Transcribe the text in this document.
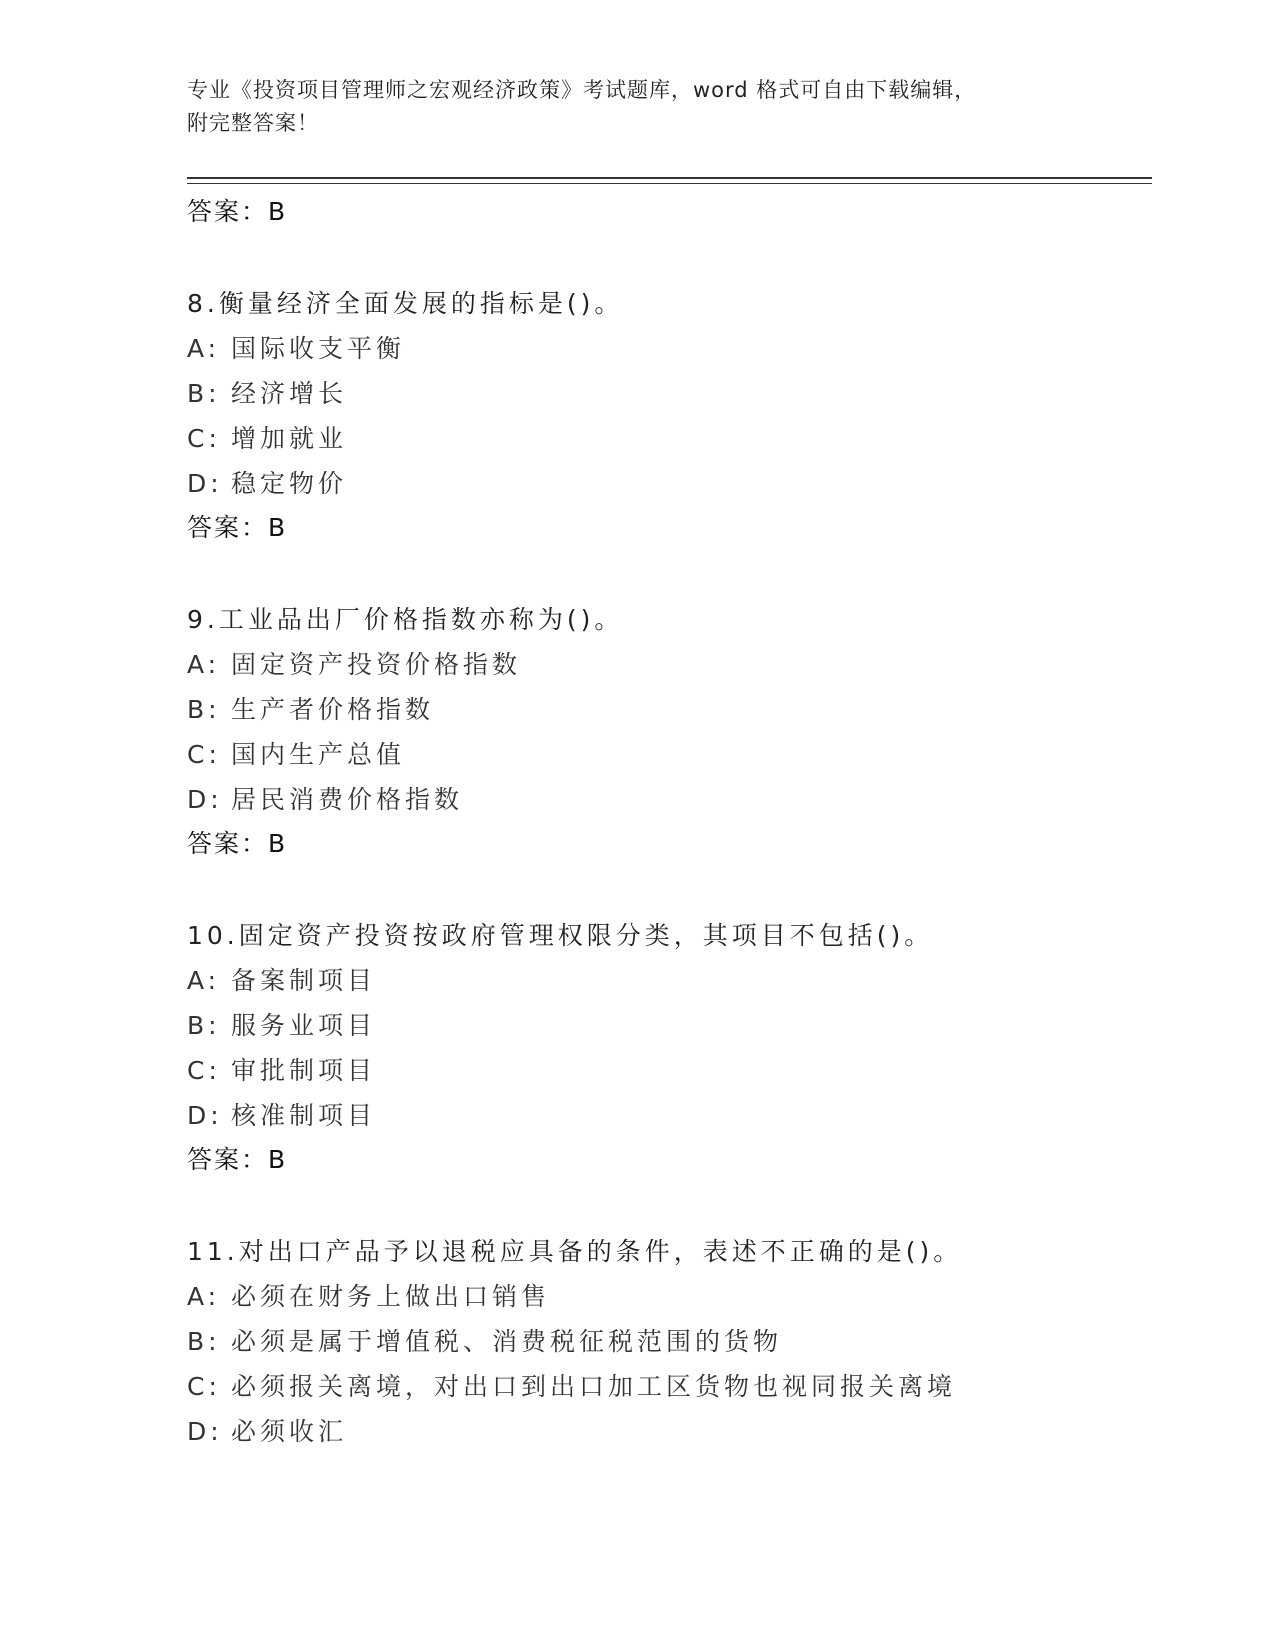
专业《投资项目管理师之宏观经济政策》考试题库，word 格式可自由下载编辑，
附完整答案！
答案：B
8.衡量经济全面发展的指标是()。
A: 国际收支平衡
B: 经济增长
C: 增加就业
D: 稳定物价
答案：B
9.工业品出厂价格指数亦称为()。
A: 固定资产投资价格指数
B: 生产者价格指数
C: 国内生产总值
D: 居民消费价格指数
答案：B
10.固定资产投资按政府管理权限分类，其项目不包括()。
A: 备案制项目
B: 服务业项目
C: 审批制项目
D: 核准制项目
答案：B
11.对出口产品予以退税应具备的条件，表述不正确的是()。
A: 必须在财务上做出口销售
B: 必须是属于增值税、消费税征税范围的货物
C: 必须报关离境，对出口到出口加工区货物也视同报关离境
D: 必须收汇
